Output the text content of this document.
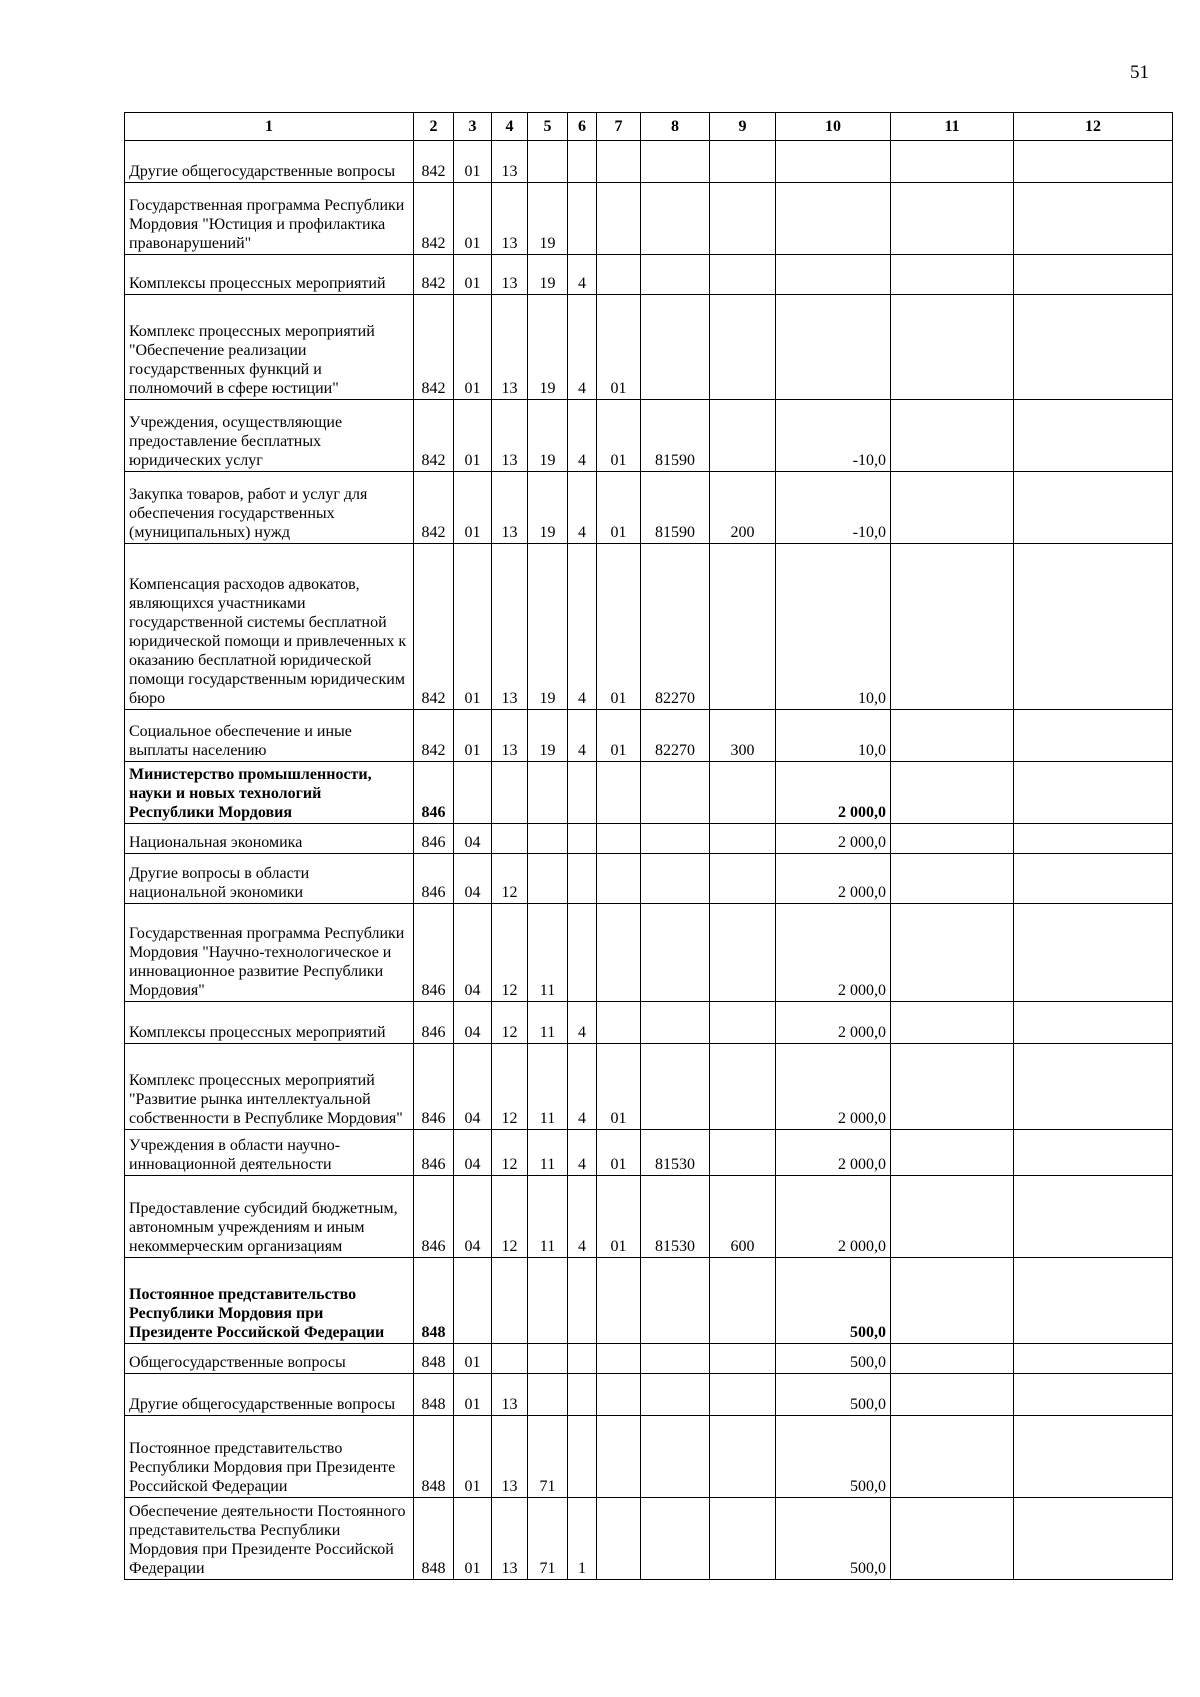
51
1	2	3	4	5	6	7	8	9	10	11	12
Другие общегосударственные вопросы	842	01	13								
Государственная программа Республики Мордовия "Юстиция и профилактика правонарушений"	842	01	13	19							
Комплексы процессных мероприятий	842	01	13	19	4						
Комплекс процессных мероприятий "Обеспечение реализации государственных функций и полномочий в сфере юстиции"	842	01	13	19	4	01					
Учреждения, осуществляющие предоставление бесплатных юридических услуг	842	01	13	19	4	01	81590		-10,0		
Закупка товаров, работ и услуг для обеспечения государственных (муниципальных) нужд	842	01	13	19	4	01	81590	200	-10,0		
Компенсация расходов адвокатов, являющихся участниками государственной системы бесплатной юридической помощи и привлеченных к оказанию бесплатной юридической помощи государственным юридическим бюро	842	01	13	19	4	01	82270		10,0		
Социальное обеспечение и иные выплаты населению	842	01	13	19	4	01	82270	300	10,0		
Министерство промышленности, науки и новых технологий Республики Мордовия	846								2 000,0		
Национальная экономика	846	04							2 000,0		
Другие вопросы в области национальной экономики	846	04	12						2 000,0		
Государственная программа Республики Мордовия "Научно-технологическое и инновационное развитие Республики Мордовия"	846	04	12	11					2 000,0		
Комплексы процессных мероприятий	846	04	12	11	4				2 000,0		
Комплекс процессных мероприятий "Развитие рынка интеллектуальной собственности в Республике Мордовия"	846	04	12	11	4	01			2 000,0		
Учреждения в области научно-инновационной деятельности	846	04	12	11	4	01	81530		2 000,0		
Предоставление субсидий бюджетным, автономным учреждениям и иным некоммерческим организациям	846	04	12	11	4	01	81530	600	2 000,0		
Постоянное представительство Республики Мордовия при Президенте Российской Федерации	848								500,0		
Общегосударственные вопросы	848	01							500,0		
Другие общегосударственные вопросы	848	01	13						500,0		
Постоянное представительство Республики Мордовия при Президенте Российской Федерации	848	01	13	71					500,0		
Обеспечение деятельности Постоянного представительства Республики Мордовия при Президенте Российской Федерации	848	01	13	71	1				500,0		
